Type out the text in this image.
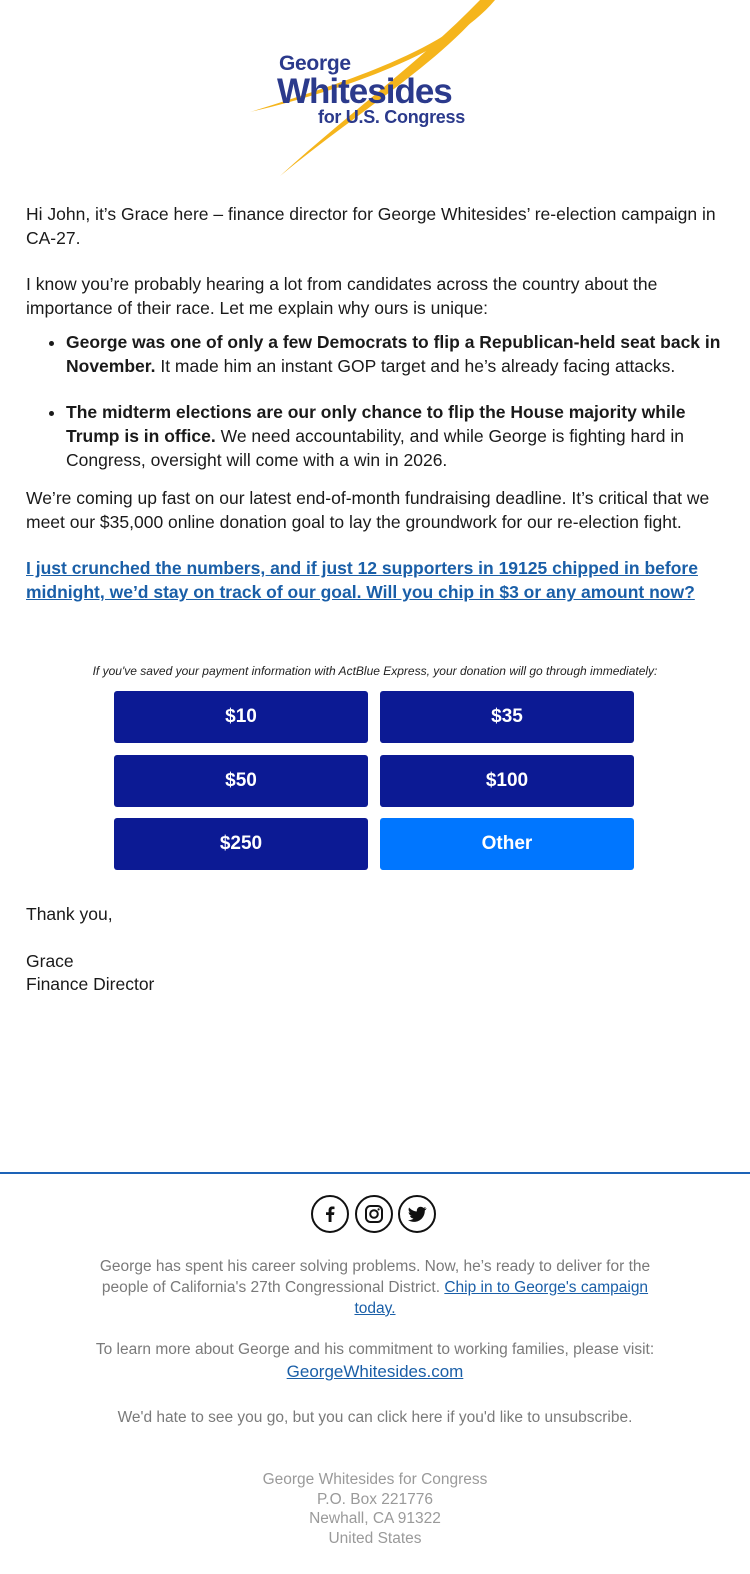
George
Whitesides
for U.S. Congress

Hi John, it’s Grace here – finance director for George Whitesides’ re-election campaign in CA-27.

I know you’re probably hearing a lot from candidates across the country about the importance of their race. Let me explain why ours is unique:

• George was one of only a few Democrats to flip a Republican-held seat back in November. It made him an instant GOP target and he’s already facing attacks.
• The midterm elections are our only chance to flip the House majority while Trump is in office. We need accountability, and while George is fighting hard in Congress, oversight will come with a win in 2026.

We’re coming up fast on our latest end-of-month fundraising deadline. It’s critical that we meet our $35,000 online donation goal to lay the groundwork for our re-election fight.

I just crunched the numbers, and if just 12 supporters in 19125 chipped in before midnight, we’d stay on track of our goal. Will you chip in $3 or any amount now?

If you've saved your payment information with ActBlue Express, your donation will go through immediately:
$10	$35
$50	$100
$250	Other

Thank you,

Grace

Finance Director

George has spent his career solving problems. Now, he’s ready to deliver for the people of California's 27th Congressional District. Chip in to George's campaign today.
To learn more about George and his commitment to working families, please visit:
GeorgeWhitesides.com
We'd hate to see you go, but you can click here if you'd like to unsubscribe.
George Whitesides for Congress
P.O. Box 221776
Newhall, CA 91322
United States
